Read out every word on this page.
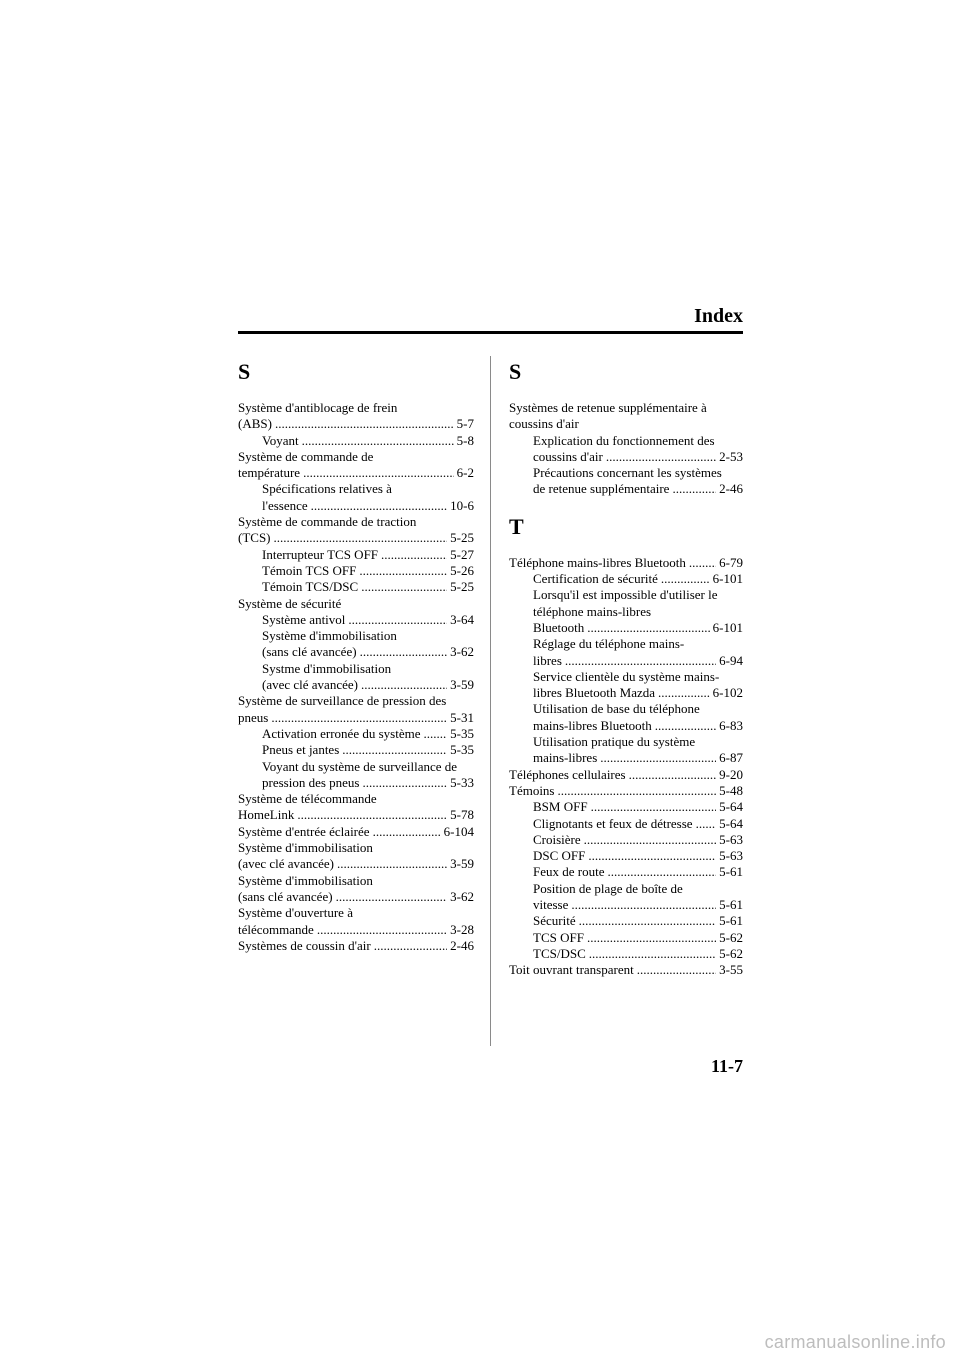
Index
S
Système d'antiblocage de frein
(ABS) .....	5-7
Voyant .....	5-8
Système de commande de
température .....	6-2
Spécifications relatives à
l'essence .....	10-6
Système de commande de traction
(TCS) .....	5-25
Interrupteur TCS OFF .....	5-27
Témoin TCS OFF .....	5-26
Témoin TCS/DSC .....	5-25
Système de sécurité
Système antivol .....	3-64
Système d'immobilisation
(sans clé avancée) .....	3-62
Systme d'immobilisation
(avec clé avancée) .....	3-59
Système de surveillance de pression des
pneus .....	5-31
Activation erronée du système ..... 5-35
Pneus et jantes .....	5-35
Voyant du système de surveillance de
pression des pneus .....	5-33
Système de télécommande
HomeLink .....	5-78
Système d'entrée éclairée .....	6-104
Système d'immobilisation
(avec clé avancée) .....	3-59
Système d'immobilisation
(sans clé avancée) .....	3-62
Système d'ouverture à
télécommande .....	3-28
Systèmes de coussin d'air .....	2-46
S
Systèmes de retenue supplémentaire à
coussins d'air
Explication du fonctionnement des
coussins d'air .....	2-53
Précautions concernant les systèmes
de retenue supplémentaire .....	2-46
T
Téléphone mains-libres Bluetooth .....	6-79
Certification de sécurité .....	6-101
Lorsqu'il est impossible d'utiliser le
téléphone mains-libres
Bluetooth .....	6-101
Réglage du téléphone mains-
libres .....	6-94
Service clientèle du système mains-
libres Bluetooth Mazda .....	6-102
Utilisation de base du téléphone
mains-libres Bluetooth .....	6-83
Utilisation pratique du système
mains-libres .....	6-87
Téléphones cellulaires .....	9-20
Témoins .....	5-48
BSM OFF .....	5-64
Clignotants et feux de détresse ..... 5-64
Croisière .....	5-63
DSC OFF .....	5-63
Feux de route .....	5-61
Position de plage de boîte de
vitesse .....	5-61
Sécurité .....	5-61
TCS OFF .....	5-62
TCS/DSC .....	5-62
Toit ouvrant transparent .....	3-55
11-7
carmanualsonline.info
